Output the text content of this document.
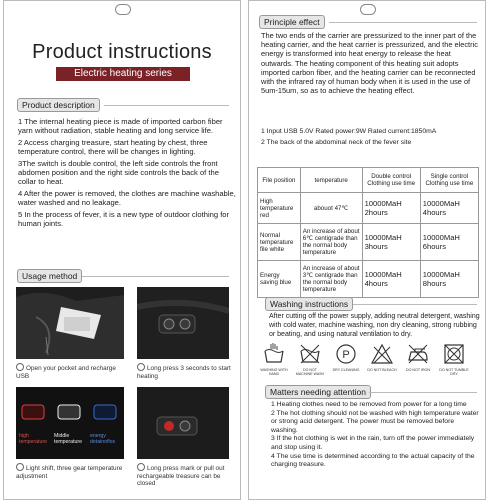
Product instructions
Electric heating series
Product description
1 The internal heating piece is made of imported carbon fiber yarn without radiation, stable heating and long service life.
2 Access charging treasure, start heating by chest, three temperature control, there will be changes in lighting.
3The switch is double control, the left side controls the front abdomen position and the right side controls the back of the collar to heat.
4 After the power is removed, the clothes are machine washable, water washed and no leakage.
5 In the process of fever, it is a new type of outdoor clothing for human joints.
Usage method
Open your pocket and recharge USB
Long press 3 seconds to start heating
high temperature
Middle temperature
energy detainoflos
Light shift, three gear temperature adjustment
Long press mark or pull out rechargeable treasure can be closed
Principle effect
The two ends of the carrier are pressurized to the inner part of the heating carrier, and the heat carrier is pressurized, and the electric energy is transformed into heat energy to release the heat outwards. The heating component of this heating suit adopts imported carbon fiber, and the heating carrier can be reconnected with the infrared ray of human body when it is used in the use of 5um-15um, so as to achieve the heating effect.
1 Input USB 5.0V Rated power:9W Rated current:1850mA
2 The back of the abdominal neck of the fever site
File position	temperature	Double control Clothing use time	Single control Clothing use time
High temperature red	abouot 47℃	10000MaH 2hours	10000MaH 4hours
Normal temperature file white	An increase of about 6℃ centigrade than the normal body temperature	10000MaH 3hours	10000MaH 6hours
Energy saving blue	An increase of about 3℃ centigrade than the normal body temperature	10000MaH 4hours	10000MaH 8hours
Washing instructions
After cutting off the power supply, adding neutral detergent, washing with cold water, machine washing, non dry cleaning, strong rubbing or beating, and using natural ventilation to dry.
P
WASHING WITH HAND
DO NOT MACHINE WASH
DRY CLEANING	DO NOT BLEACH	DO NOT IRON	DO NOT TUMBLE DRY
Matters needing attention
1 Heating clothes need to be removed from power for a long time
2 The hot clothing should not be washed with high temperature water or strong acid detergent. The power must be removed before washing.
3 If the hot clothing is wet in the rain, turn off the power immediately and stop using it.
4 The use time is determined according to the actual capacity of the charging treasure.
